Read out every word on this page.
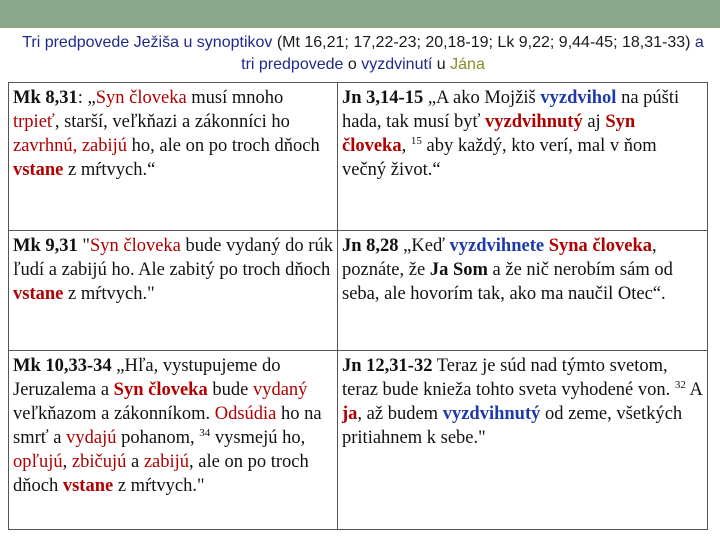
Tri predpovede Ježiša u synoptikov (Mt 16,21; 17,22-23; 20,18-19; Lk 9,22; 9,44-45; 18,31-33) a tri predpovede o vyzdvinutí u Jána
Mk 8,31: „Syn človeka musí mnoho trpieť, starší, veľkňazi a zákonníci ho zavrhnú, zabijú ho, ale on po troch dňoch vstane z mŕtvych.“	Jn 3,14-15 „A ako Mojžiš vyzdvihol na púšti hada, tak musí byť vyzdvihnutý aj Syn človeka, $^{15}$ aby každý, kto verí, mal v ňom večný život.“
Mk 9,31 "Syn človeka bude vydaný do rúk ľudí a zabijú ho. Ale zabitý po troch dňoch vstane z mŕtvych."	Jn 8,28 „Keď vyzdvihnete Syna človeka, poznáte, že Ja Som a že nič nerobím sám od seba, ale hovorím tak, ako ma naučil Otec“.
Mk 10,33-34 „Hľa, vystupujeme do Jeruzalema a Syn človeka bude vydaný veľkňazom a zákonníkom. Odsúdia ho na smrť a vydajú pohanom, $^{34}$ vysmejú ho, opľujú, zbičujú a zabijú, ale on po troch dňoch vstane z mŕtvych."	Jn 12,31-32 Teraz je súd nad týmto svetom, teraz bude knieža tohto sveta vyhodené von. $^{32}$ A ja, až budem vyzdvihnutý od zeme, všetkých pritiahnem k sebe."
